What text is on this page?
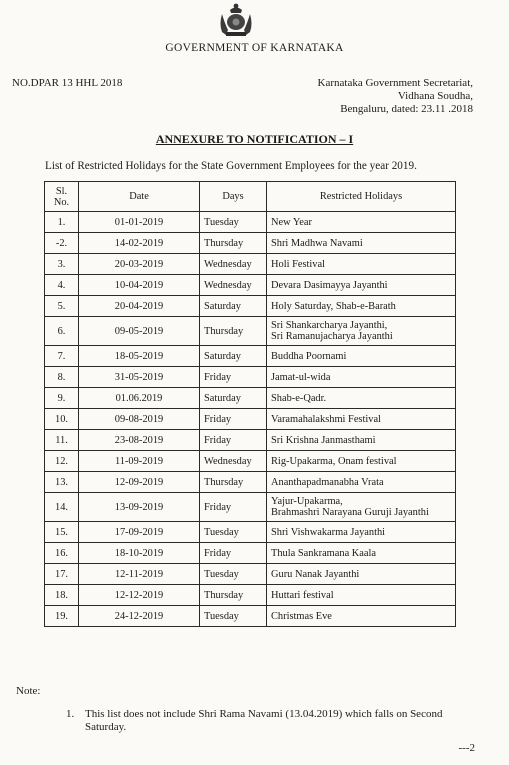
GOVERNMENT OF KARNATAKA
NO.DPAR 13 HHL 2018	Karnataka Government Secretariat,
Vidhana Soudha,
Bengaluru, dated: 23.11 .2018
ANNEXURE TO NOTIFICATION – I
List of Restricted Holidays for the State Government Employees for the year 2019.
Sl. No.	Date	Days	Restricted Holidays
1.	01-01-2019	Tuesday	New Year

-2.	14-02-2019	Thursday	Shri Madhwa Navami

3.	20-03-2019	Wednesday	Holi Festival

4.	10-04-2019	Wednesday	Devara Dasimayya Jayanthi

5.	20-04-2019	Saturday	Holy Saturday, Shab-e-Barath

6.	09-05-2019	Thursday	Sri Shankarcharya Jayanthi,
Sri Ramanujacharya Jayanthi

7.	18-05-2019	Saturday	Buddha Poornami

8.	31-05-2019	Friday	Jamat-ul-wida

9.	01.06.2019	Saturday	Shab-e-Qadr.

10.	09-08-2019	Friday	Varamahalakshmi Festival

11.	23-08-2019	Friday	Sri Krishna Janmasthami

12.	11-09-2019	Wednesday	Rig-Upakarma, Onam festival

13.	12-09-2019	Thursday	Ananthapadmanabha Vrata

14.	13-09-2019	Friday	Yajur-Upakarma,
Brahmashri Narayana Guruji Jayanthi

15.	17-09-2019	Tuesday	Shri Vishwakarma Jayanthi

16.	18-10-2019	Friday	Thula Sankramana Kaala

17.	12-11-2019	Tuesday	Guru Nanak Jayanthi

18.	12-12-2019	Thursday	Huttari festival

19.	24-12-2019	Tuesday	Christmas Eve
Note:
1. This list does not include Shri Rama Navami (13.04.2019) which falls on Second Saturday.
---2
